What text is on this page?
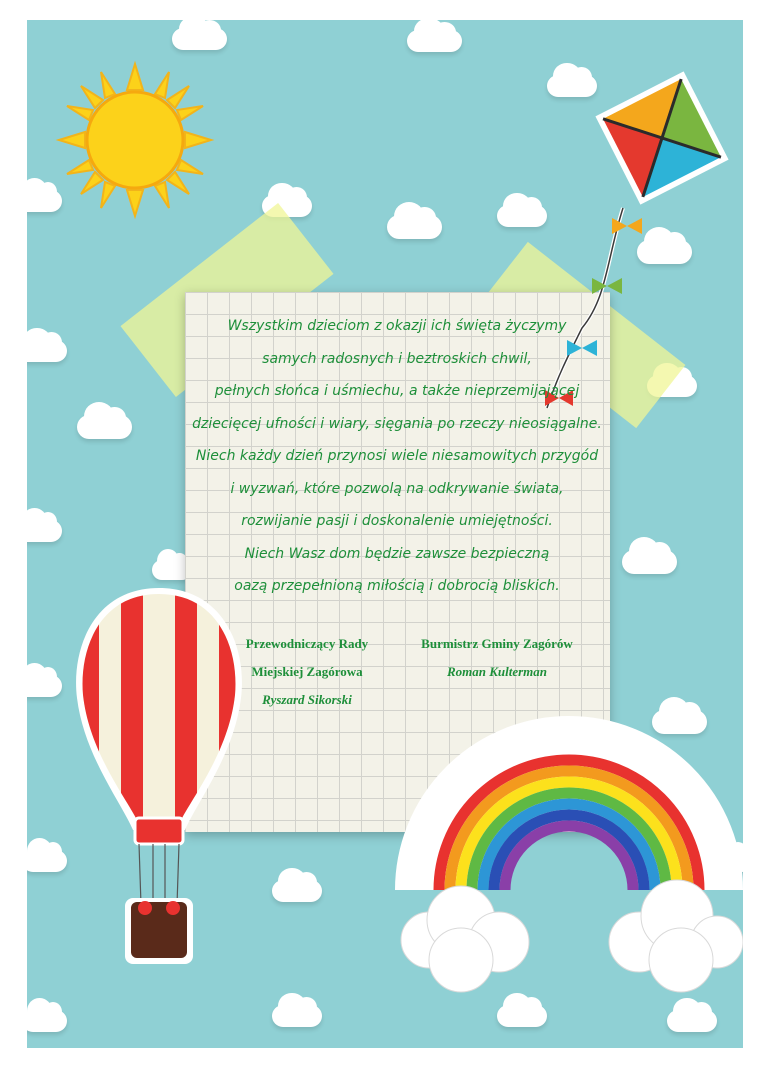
Wszystkim dzieciom z okazji ich święta życzymy
samych radosnych i beztroskich chwil,
pełnych słońca i uśmiechu, a także nieprzemijającej
dziecięcej ufności i wiary, sięgania po rzeczy nieosiągalne.
Niech każdy dzień przynosi wiele niesamowitych przygód
i wyzwań, które pozwolą na odkrywanie świata,
rozwijanie pasji i doskonalenie umiejętności.
Niech Wasz dom będzie zawsze bezpieczną
oazą przepełnioną miłością i dobrocią bliskich.
Przewodniczący Rady
Miejskiej Zagórowa
Ryszard Sikorski
Burmistrz Gminy Zagórów
Roman Kulterman
